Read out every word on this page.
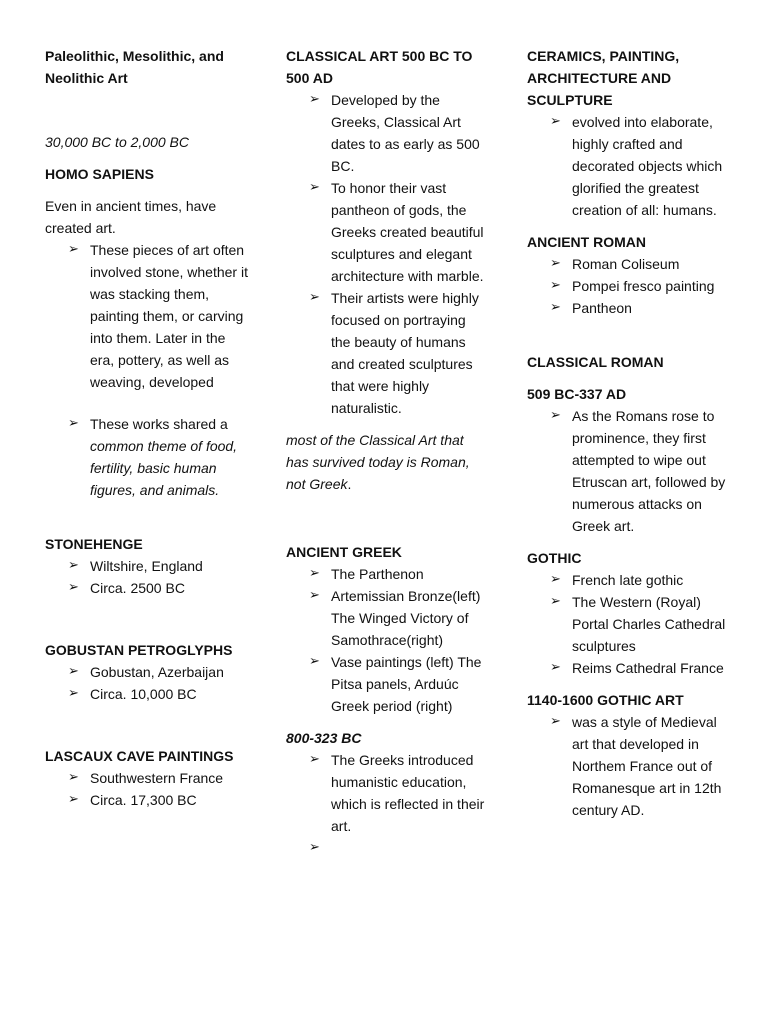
Paleolithic, Mesolithic, and Neolithic Art

30,000 BC to 2,000 BC

HOMO SAPIENS

Even in ancient times, have created art.

➢ These pieces of art often involved stone, whether it was stacking them, painting them, or carving into them. Later in the era, pottery, as well as weaving, developed
➢ These works shared a common theme of food, fertility, basic human figures, and animals.

STONEHENGE

➢ Wiltshire, England
➢ Circa. 2500 BC

GOBUSTAN PETROGLYPHS

➢ Gobustan, Azerbaijan
➢ Circa. 10,000 BC

LASCAUX CAVE PAINTINGS

➢ Southwestern France
➢ Circa. 17,300 BC

CLASSICAL ART 500 BC TO 500 AD

➢ Developed by the Greeks, Classical Art dates to as early as 500 BC.
➢ To honor their vast pantheon of gods, the Greeks created beautiful sculptures and elegant architecture with marble.
➢ Their artists were highly focused on portraying the beauty of humans and created sculptures that were highly naturalistic.

most of the Classical Art that has survived today is Roman, not Greek.

ANCIENT GREEK

➢ The Parthenon
➢ Artemissian Bronze(left) The Winged Victory of Samothrace(right)
➢ Vase paintings (left) The Pitsa panels, Arduúc Greek period (right)

800-323 BC

➢ The Greeks introduced humanistic education, which is reflected in their art.
➢

CERAMICS, PAINTING, ARCHITECTURE AND SCULPTURE

➢ evolved into elaborate, highly crafted and decorated objects which glorified the greatest creation of all: humans.

ANCIENT ROMAN

➢ Roman Coliseum
➢ Pompei fresco painting
➢ Pantheon

CLASSICAL ROMAN

509 BC-337 AD

➢ As the Romans rose to prominence, they first attempted to wipe out Etruscan art, followed by numerous attacks on Greek art.

GOTHIC

➢ French late gothic
➢ The Western (Royal) Portal Charles Cathedral sculptures
➢ Reims Cathedral France

1140-1600 GOTHIC ART

➢ was a style of Medieval art that developed in Northem France out of Romanesque art in 12th century AD.
